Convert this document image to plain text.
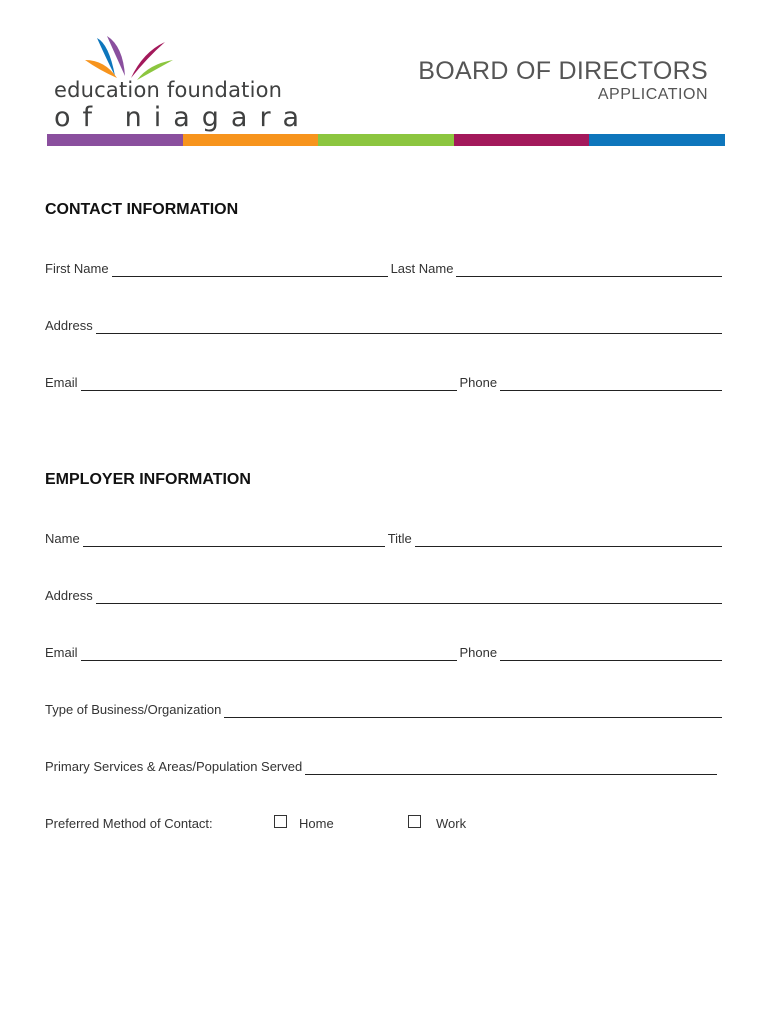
education foundation
of niagara
BOARD OF DIRECTORS
APPLICATION
CONTACT INFORMATION
First Name	Last Name
Address
Email	Phone
EMPLOYER INFORMATION
Name	Title
Address
Email	Phone
Type of Business/Organization
Primary Services & Areas/Population Served
Preferred Method of Contact:	Home	Work
